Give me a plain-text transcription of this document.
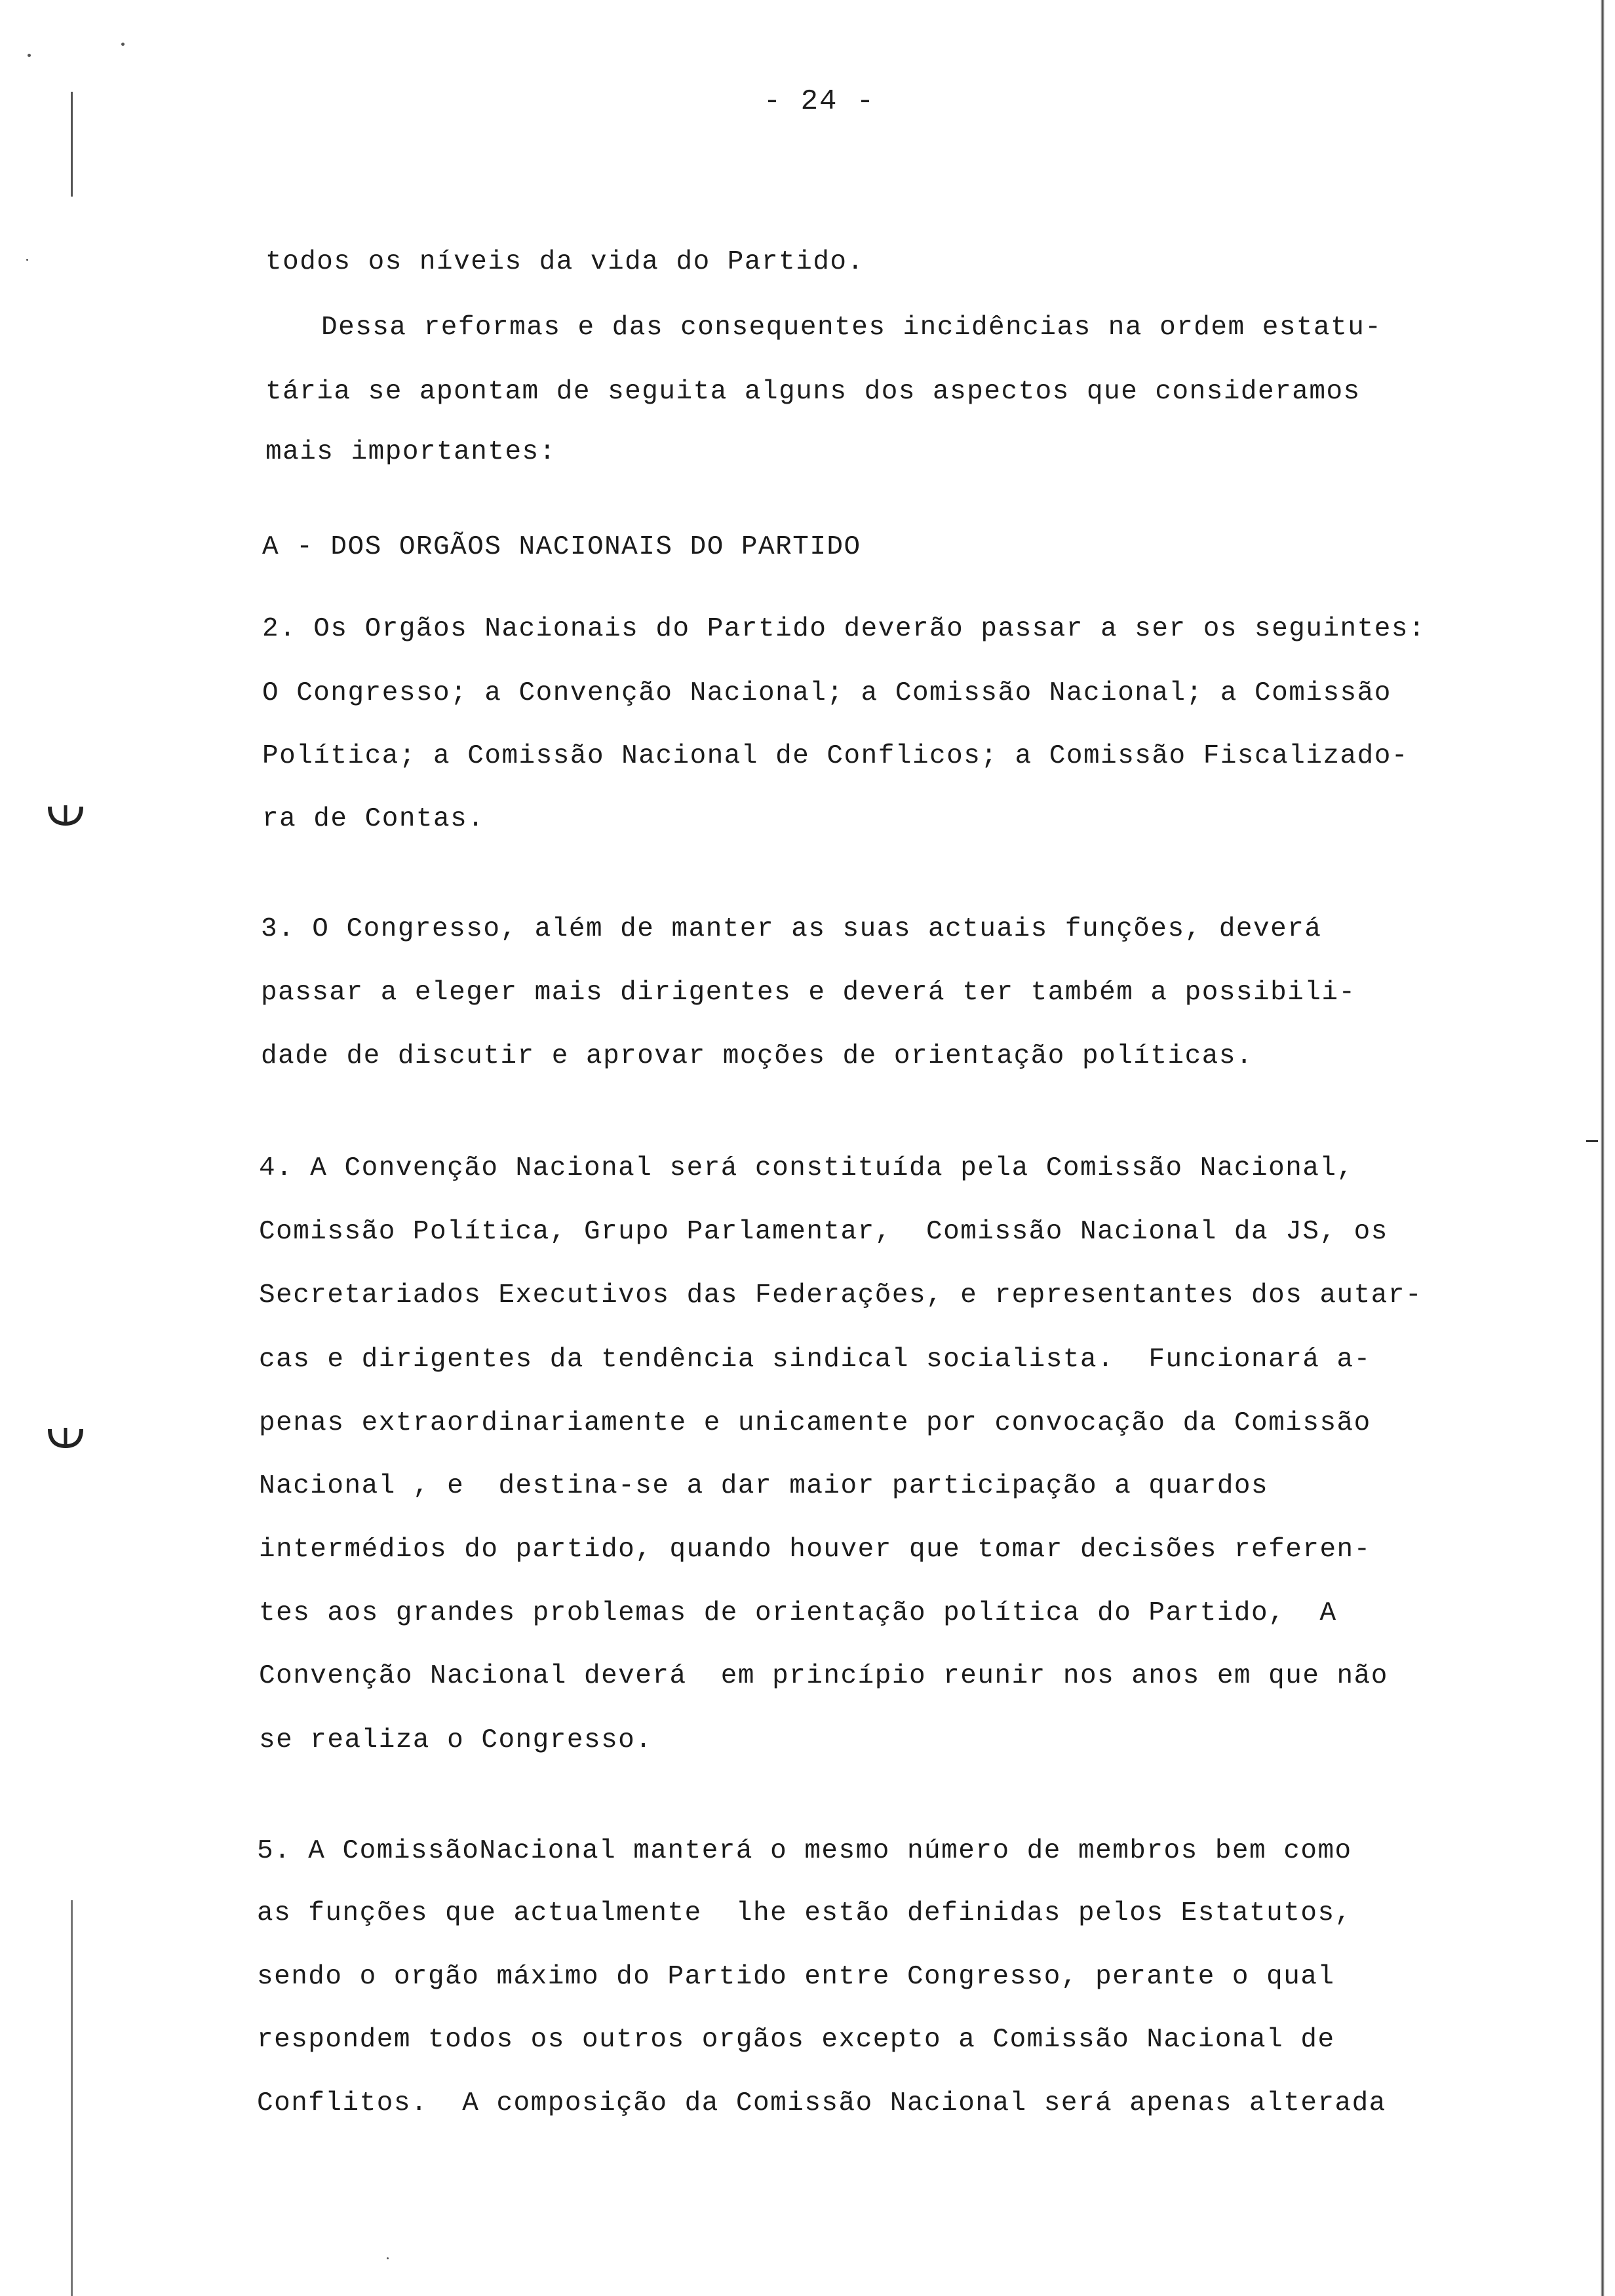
- 24 -
todos os níveis da vida do Partido.
Dessa reformas e das consequentes incidências na ordem estatu-
tária se apontam de seguita alguns dos aspectos que consideramos
mais importantes:
A - DOS ORGÃOS NACIONAIS DO PARTIDO
2. Os Orgãos Nacionais do Partido deverão passar a ser os seguintes:
O Congresso; a Convenção Nacional; a Comissão Nacional; a Comissão
Política; a Comissão Nacional de Conflicos; a Comissão Fiscalizado-
ra de Contas.
3. O Congresso, além de manter as suas actuais funções, deverá
passar a eleger mais dirigentes e deverá ter também a possibili-
dade de discutir e aprovar moções de orientação políticas.
4. A Convenção Nacional será constituída pela Comissão Nacional,
Comissão Política, Grupo Parlamentar,  Comissão Nacional da JS, os
Secretariados Executivos das Federações, e representantes dos autar-
cas e dirigentes da tendência sindical socialista.  Funcionará a-
penas extraordinariamente e unicamente por convocação da Comissão
Nacional , e  destina-se a dar maior participação a quardos
intermédios do partido, quando houver que tomar decisões referen-
tes aos grandes problemas de orientação política do Partido,  A
Convenção Nacional deverá  em princípio reunir nos anos em que não
se realiza o Congresso.
5. A ComissãoNacional manterá o mesmo número de membros bem como
as funções que actualmente  lhe estão definidas pelos Estatutos,
sendo o orgão máximo do Partido entre Congresso, perante o qual
respondem todos os outros orgãos excepto a Comissão Nacional de
Conflitos.  A composição da Comissão Nacional será apenas alterada
